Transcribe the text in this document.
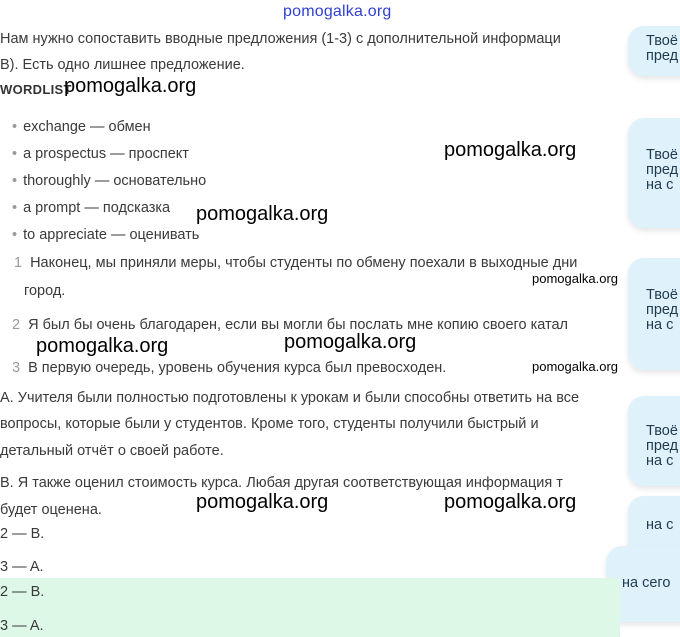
pomogalka.org
Твоё
пред
Твоё
пред
на с
Твоё
пред
на с
Твоё
пред
на с
на с
на сего
Нам нужно сопоставить вводные предложения (1-3) с дополнительной информаци
B). Есть одно лишнее предложение.
WORDLIST
• exchange — обмен
• a prospectus — проспект
• thoroughly — основательно
• a prompt — подсказка
• to appreciate — оценивать
1 Наконец, мы приняли меры, чтобы студенты по обмену поехали в выходные дни
город.
2 Я был бы очень благодарен, если вы могли бы послать мне копию своего катал
3 В первую очередь, уровень обучения курса был превосходен.
A. Учителя были полностью подготовлены к урокам и были способны ответить на все
вопросы, которые были у студентов. Кроме того, студенты получили быстрый и
детальный отчёт о своей работе.
B. Я также оценил стоимость курса. Любая другая соответствующая информация т
будет оценена.
2 — B.
3 — A.
2 — B.
3 — A.
pomogalka.org
pomogalka.org
pomogalka.org
pomogalka.org
pomogalka.org	pomogalka.org
pomogalka.org
pomogalka.org	pomogalka.org
